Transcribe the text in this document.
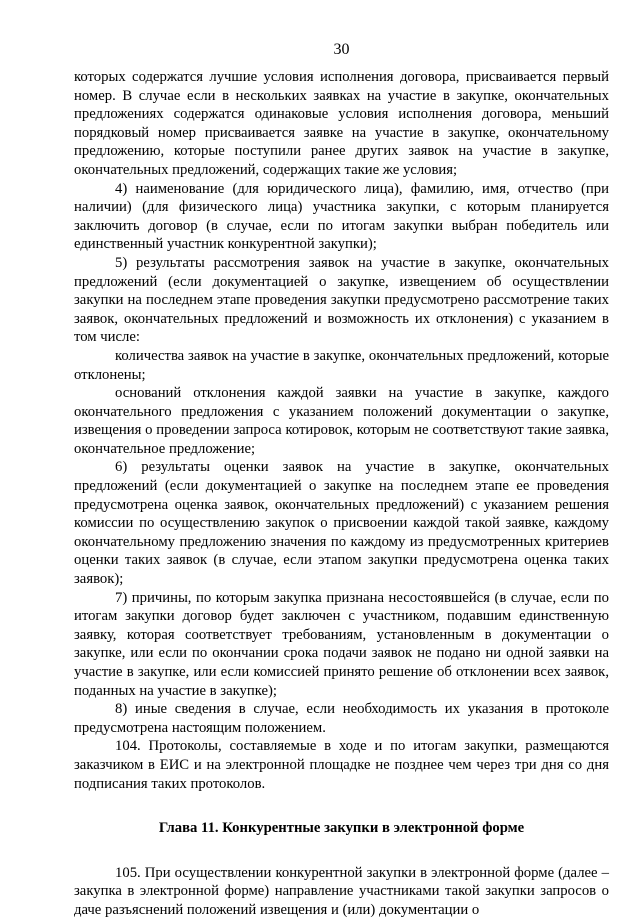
30

которых содержатся лучшие условия исполнения договора, присваивается первый номер. В случае если в нескольких заявках на участие в закупке, окончательных предложениях содержатся одинаковые условия исполнения договора, меньший порядковый номер присваивается заявке на участие в закупке, окончательному предложению, которые поступили ранее других заявок на участие в закупке, окончательных предложений, содержащих такие же условия;

4) наименование (для юридического лица), фамилию, имя, отчество (при наличии) (для физического лица) участника закупки, с которым планируется заключить договор (в случае, если по итогам закупки выбран победитель или единственный участник конкурентной закупки);

5) результаты рассмотрения заявок на участие в закупке, окончательных предложений (если документацией о закупке, извещением об осуществлении закупки на последнем этапе проведения закупки предусмотрено рассмотрение таких заявок, окончательных предложений и возможность их отклонения) с указанием в том числе:

количества заявок на участие в закупке, окончательных предложений, которые отклонены;

оснований отклонения каждой заявки на участие в закупке, каждого окончательного предложения с указанием положений документации о закупке, извещения о проведении запроса котировок, которым не соответствуют такие заявка, окончательное предложение;

6) результаты оценки заявок на участие в закупке, окончательных предложений (если документацией о закупке на последнем этапе ее проведения предусмотрена оценка заявок, окончательных предложений) с указанием решения комиссии по осуществлению закупок о присвоении каждой такой заявке, каждому окончательному предложению значения по каждому из предусмотренных критериев оценки таких заявок (в случае, если этапом закупки предусмотрена оценка таких заявок);

7) причины, по которым закупка признана несостоявшейся (в случае, если по итогам закупки договор будет заключен с участником, подавшим единственную заявку, которая соответствует требованиям, установленным в документации о закупке, или если по окончании срока подачи заявок не подано ни одной заявки на участие в закупке, или если комиссией принято решение об отклонении всех заявок, поданных на участие в закупке);

8) иные сведения в случае, если необходимость их указания в протоколе предусмотрена настоящим положением.

104. Протоколы, составляемые в ходе и по итогам закупки, размещаются заказчиком в ЕИС и на электронной площадке не позднее чем через три дня со дня подписания таких протоколов.

Глава 11. Конкурентные закупки в электронной форме

105. При осуществлении конкурентной закупки в электронной форме (далее – закупка в электронной форме) направление участниками такой закупки запросов о даче разъяснений положений извещения и (или) документации о
